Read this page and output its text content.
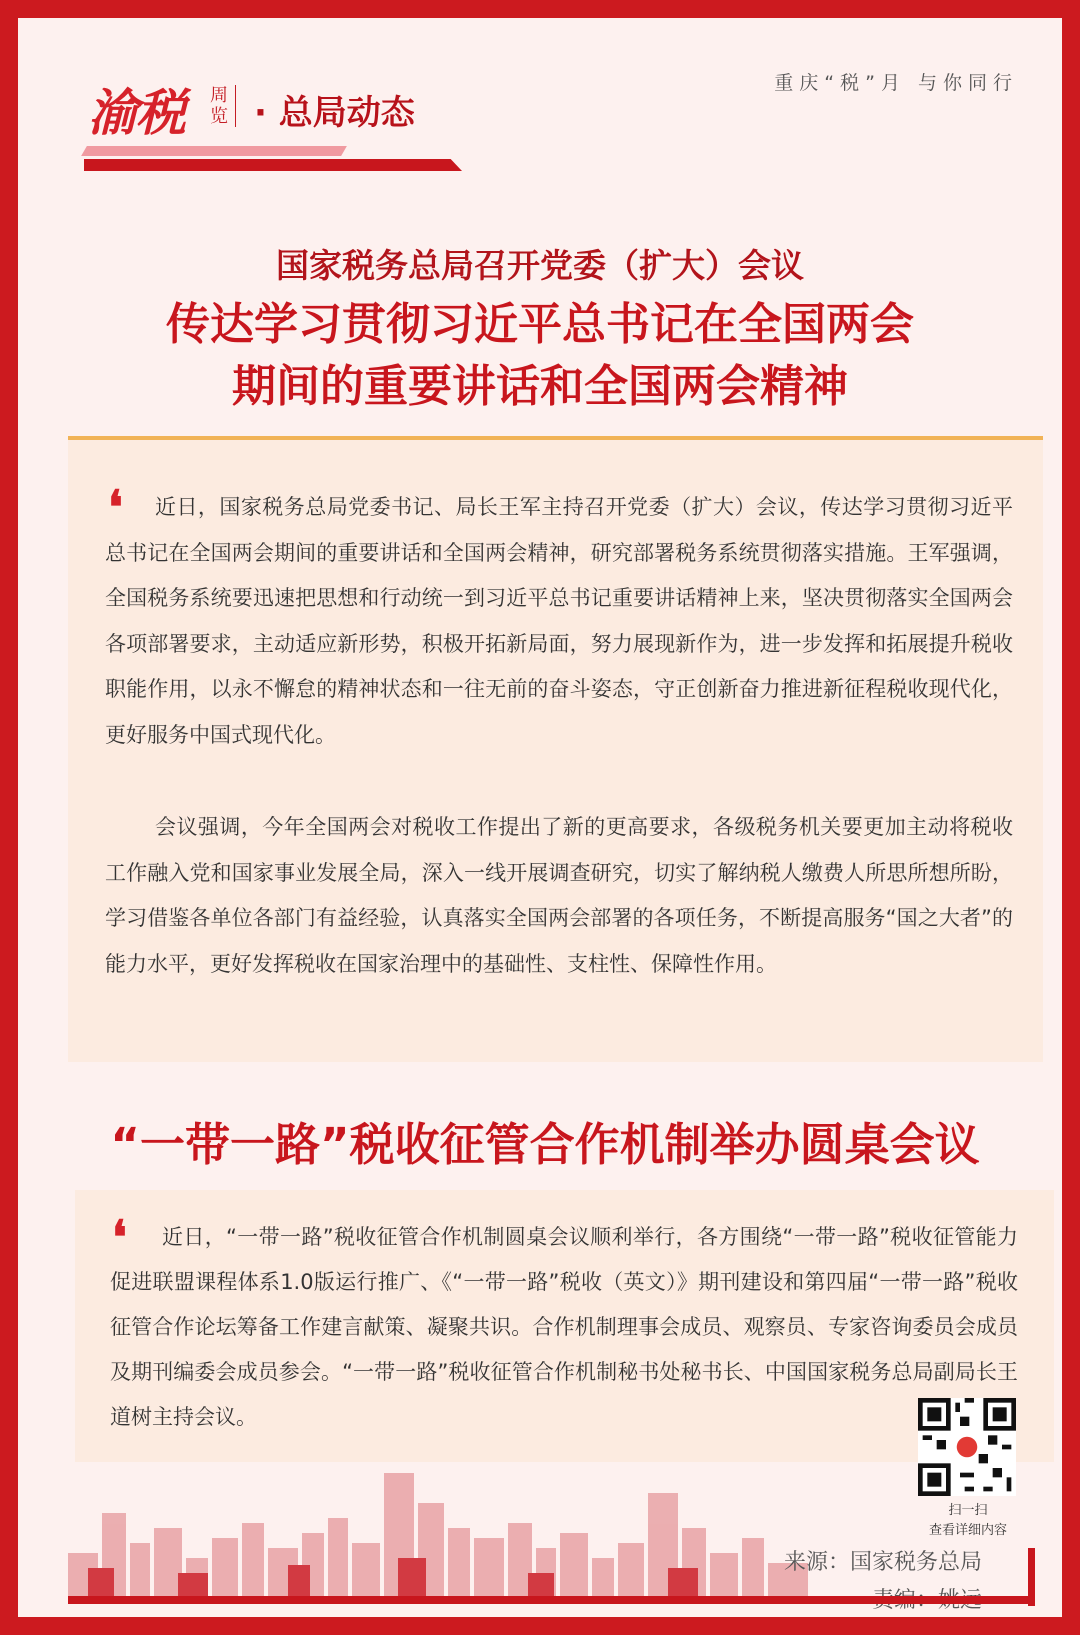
渝税 周览 · 总局动态
重庆“税”月 与你同行
国家税务总局召开党委（扩大）会议
传达学习贯彻习近平总书记在全国两会
期间的重要讲话和全国两会精神
❛	近日，国家税务总局党委书记、局长王军主持召开党委（扩大）会议，传达学习贯彻习近平总书记在全国两会期间的重要讲话和全国两会精神，研究部署税务系统贯彻落实措施。王军强调，全国税务系统要迅速把思想和行动统一到习近平总书记重要讲话精神上来，坚决贯彻落实全国两会各项部署要求，主动适应新形势，积极开拓新局面，努力展现新作为，进一步发挥和拓展提升税收职能作用，以永不懈怠的精神状态和一往无前的奋斗姿态，守正创新奋力推进新征程税收现代化，更好服务中国式现代化。

会议强调，今年全国两会对税收工作提出了新的更高要求，各级税务机关要更加主动将税收工作融入党和国家事业发展全局，深入一线开展调查研究，切实了解纳税人缴费人所思所想所盼，学习借鉴各单位各部门有益经验，认真落实全国两会部署的各项任务，不断提高服务“国之大者”的能力水平，更好发挥税收在国家治理中的基础性、支柱性、保障性作用。

“一带一路”税收征管合作机制举办圆桌会议
❛	近日，“一带一路”税收征管合作机制圆桌会议顺利举行，各方围绕“一带一路”税收征管能力促进联盟课程体系1.0版运行推广、《“一带一路”税收（英文）》期刊建设和第四届“一带一路”税收征管合作论坛筹备工作建言献策、凝聚共识。合作机制理事会成员、观察员、专家咨询委员会成员及期刊编委会成员参会。“一带一路”税收征管合作机制秘书处秘书长、中国国家税务总局副局长王道树主持会议。

扫一扫
查看详细内容
来源：国家税务总局
